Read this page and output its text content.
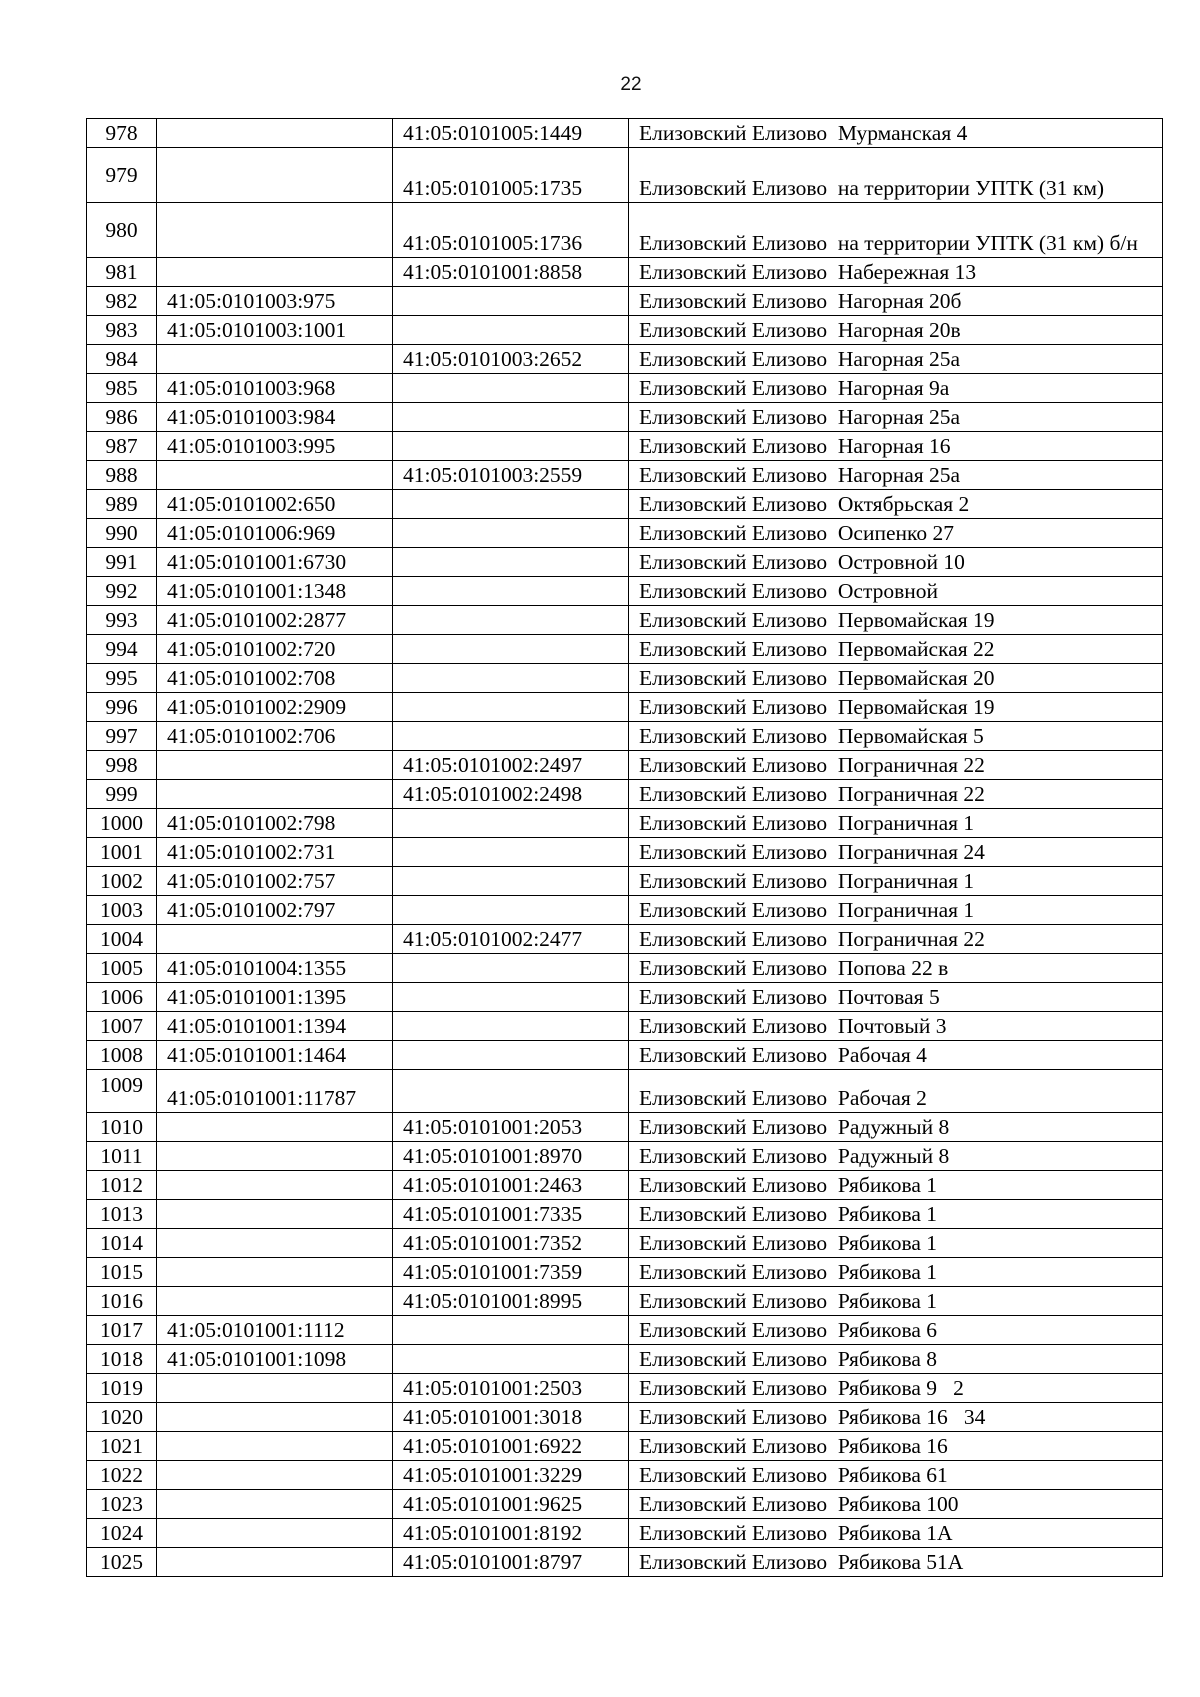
22
978		41:05:0101005:1449	Елизовский Елизово  Мурманская 4
979		41:05:0101005:1735	Елизовский Елизово  на территории УПТК (31 км)
980		41:05:0101005:1736	Елизовский Елизово  на территории УПТК (31 км) б/н
981		41:05:0101001:8858	Елизовский Елизово  Набережная 13
982	41:05:0101003:975		Елизовский Елизово  Нагорная 20б
983	41:05:0101003:1001		Елизовский Елизово  Нагорная 20в
984		41:05:0101003:2652	Елизовский Елизово  Нагорная 25а
985	41:05:0101003:968		Елизовский Елизово  Нагорная 9а
986	41:05:0101003:984		Елизовский Елизово  Нагорная 25а
987	41:05:0101003:995		Елизовский Елизово  Нагорная 16
988		41:05:0101003:2559	Елизовский Елизово  Нагорная 25а
989	41:05:0101002:650		Елизовский Елизово  Октябрьская 2
990	41:05:0101006:969		Елизовский Елизово  Осипенко 27
991	41:05:0101001:6730		Елизовский Елизово  Островной 10
992	41:05:0101001:1348		Елизовский Елизово  Островной
993	41:05:0101002:2877		Елизовский Елизово  Первомайская 19
994	41:05:0101002:720		Елизовский Елизово  Первомайская 22
995	41:05:0101002:708		Елизовский Елизово  Первомайская 20
996	41:05:0101002:2909		Елизовский Елизово  Первомайская 19
997	41:05:0101002:706		Елизовский Елизово  Первомайская 5
998		41:05:0101002:2497	Елизовский Елизово  Пограничная 22
999		41:05:0101002:2498	Елизовский Елизово  Пограничная 22
1000	41:05:0101002:798		Елизовский Елизово  Пограничная 1
1001	41:05:0101002:731		Елизовский Елизово  Пограничная 24
1002	41:05:0101002:757		Елизовский Елизово  Пограничная 1
1003	41:05:0101002:797		Елизовский Елизово  Пограничная 1
1004		41:05:0101002:2477	Елизовский Елизово  Пограничная 22
1005	41:05:0101004:1355		Елизовский Елизово  Попова 22 в
1006	41:05:0101001:1395		Елизовский Елизово  Почтовая 5
1007	41:05:0101001:1394		Елизовский Елизово  Почтовый 3
1008	41:05:0101001:1464		Елизовский Елизово  Рабочая 4
1009	41:05:0101001:11787		Елизовский Елизово  Рабочая 2
1010		41:05:0101001:2053	Елизовский Елизово  Радужный 8
1011		41:05:0101001:8970	Елизовский Елизово  Радужный 8
1012		41:05:0101001:2463	Елизовский Елизово  Рябикова 1
1013		41:05:0101001:7335	Елизовский Елизово  Рябикова 1
1014		41:05:0101001:7352	Елизовский Елизово  Рябикова 1
1015		41:05:0101001:7359	Елизовский Елизово  Рябикова 1
1016		41:05:0101001:8995	Елизовский Елизово  Рябикова 1
1017	41:05:0101001:1112		Елизовский Елизово  Рябикова 6
1018	41:05:0101001:1098		Елизовский Елизово  Рябикова 8
1019		41:05:0101001:2503	Елизовский Елизово  Рябикова 9   2
1020		41:05:0101001:3018	Елизовский Елизово  Рябикова 16   34
1021		41:05:0101001:6922	Елизовский Елизово  Рябикова 16
1022		41:05:0101001:3229	Елизовский Елизово  Рябикова 61
1023		41:05:0101001:9625	Елизовский Елизово  Рябикова 100
1024		41:05:0101001:8192	Елизовский Елизово  Рябикова 1А
1025		41:05:0101001:8797	Елизовский Елизово  Рябикова 51А
